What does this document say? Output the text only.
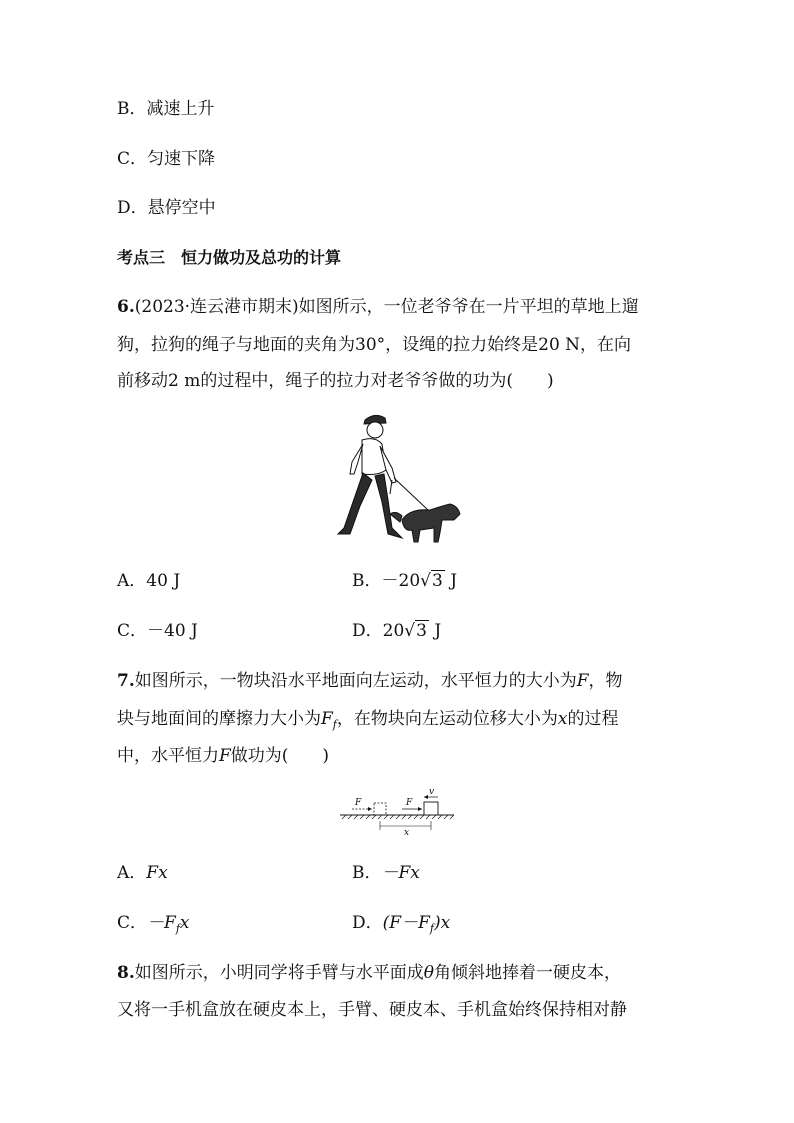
B．减速上升
C．匀速下降
D．悬停空中
考点三　恒力做功及总功的计算
6.(2023·连云港市期末)如图所示，一位老爷爷在一片平坦的草地上遛
狗，拉狗的绳子与地面的夹角为30°，设绳的拉力始终是20 N，在向
前移动2 m的过程中，绳子的拉力对老爷爷做的功为(　　)
A．40 J	B．－20√3 J
C．－40 J	D．20√3 J
7.如图所示，一物块沿水平地面向左运动，水平恒力的大小为F，物
块与地面间的摩擦力大小为$F_f$，在物块向左运动位移大小为x的过程
中，水平恒力F做功为(　　)
F	F
v
x
A．Fx	B．－Fx
C．$-F_fx$	D．$(F-F_f)x$
8.如图所示，小明同学将手臂与水平面成θ角倾斜地捧着一硬皮本，
又将一手机盒放在硬皮本上，手臂、硬皮本、手机盒始终保持相对静
